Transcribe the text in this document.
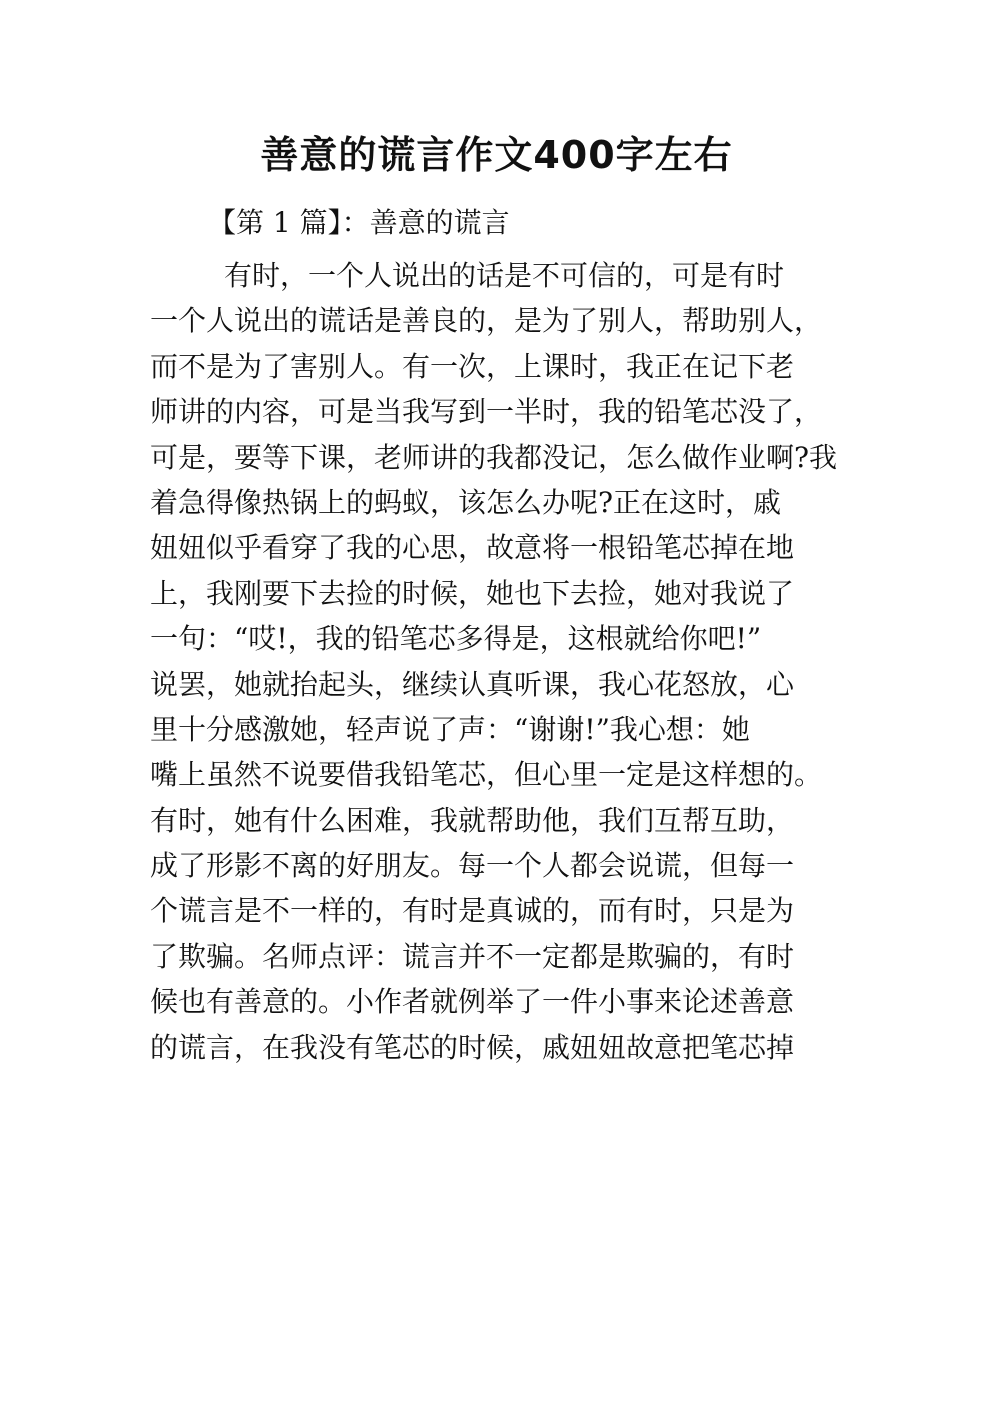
善意的谎言作文400字左右

【第 1 篇】：善意的谎言

有时，一个人说出的话是不可信的，可是有时
一个人说出的谎话是善良的，是为了别人，帮助别人，
而不是为了害别人。有一次，上课时，我正在记下老
师讲的内容，可是当我写到一半时，我的铅笔芯没了，
可是，要等下课，老师讲的我都没记，怎么做作业啊?我
着急得像热锅上的蚂蚁，该怎么办呢?正在这时，戚
妞妞似乎看穿了我的心思，故意将一根铅笔芯掉在地
上，我刚要下去捡的时候，她也下去捡，她对我说了
一句：“哎!，我的铅笔芯多得是，这根就给你吧!”
说罢，她就抬起头，继续认真听课，我心花怒放，心
里十分感激她，轻声说了声：“谢谢!”我心想：她
嘴上虽然不说要借我铅笔芯，但心里一定是这样想的。
有时，她有什么困难，我就帮助他，我们互帮互助，
成了形影不离的好朋友。每一个人都会说谎，但每一
个谎言是不一样的，有时是真诚的，而有时，只是为
了欺骗。名师点评：谎言并不一定都是欺骗的，有时
候也有善意的。小作者就例举了一件小事来论述善意
的谎言，在我没有笔芯的时候，戚妞妞故意把笔芯掉
